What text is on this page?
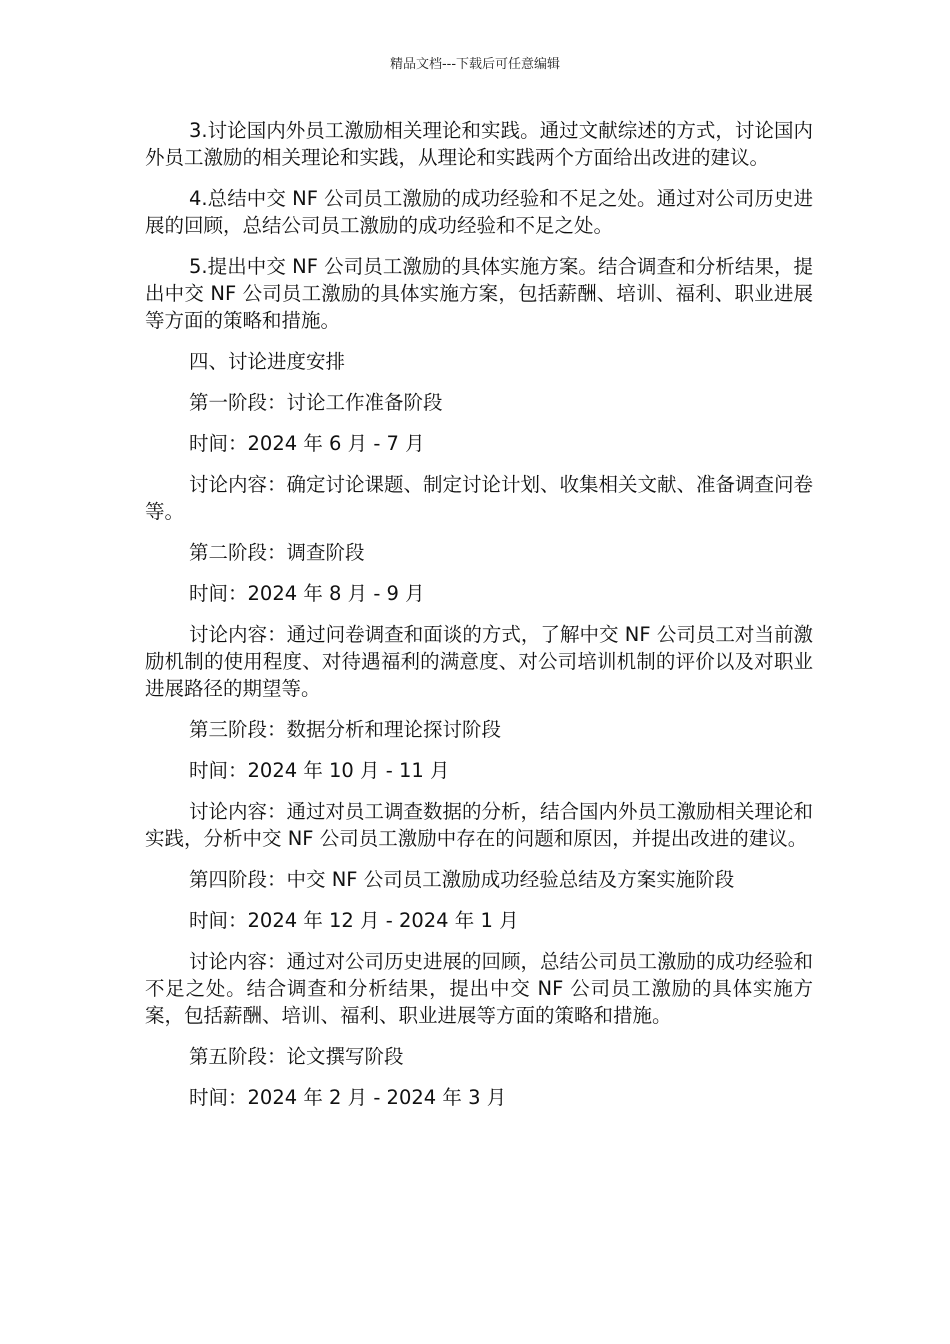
精品文档---下载后可任意编辑

3.讨论国内外员工激励相关理论和实践。通过文献综述的方式，讨论国内外员工激励的相关理论和实践，从理论和实践两个方面给出改进的建议。

4.总结中交 NF 公司员工激励的成功经验和不足之处。通过对公司历史进展的回顾，总结公司员工激励的成功经验和不足之处。

5.提出中交 NF 公司员工激励的具体实施方案。结合调查和分析结果，提出中交 NF 公司员工激励的具体实施方案，包括薪酬、培训、福利、职业进展等方面的策略和措施。

四、讨论进度安排

第一阶段：讨论工作准备阶段

时间：2024 年 6 月 - 7 月

讨论内容：确定讨论课题、制定讨论计划、收集相关文献、准备调查问卷等。

第二阶段：调查阶段

时间：2024 年 8 月 - 9 月

讨论内容：通过问卷调查和面谈的方式，了解中交 NF 公司员工对当前激励机制的使用程度、对待遇福利的满意度、对公司培训机制的评价以及对职业进展路径的期望等。

第三阶段：数据分析和理论探讨阶段

时间：2024 年 10 月 - 11 月

讨论内容：通过对员工调查数据的分析，结合国内外员工激励相关理论和实践，分析中交 NF 公司员工激励中存在的问题和原因，并提出改进的建议。

第四阶段：中交 NF 公司员工激励成功经验总结及方案实施阶段

时间：2024 年 12 月 - 2024 年 1 月

讨论内容：通过对公司历史进展的回顾，总结公司员工激励的成功经验和不足之处。结合调查和分析结果，提出中交 NF 公司员工激励的具体实施方案，包括薪酬、培训、福利、职业进展等方面的策略和措施。

第五阶段：论文撰写阶段

时间：2024 年 2 月 - 2024 年 3 月
